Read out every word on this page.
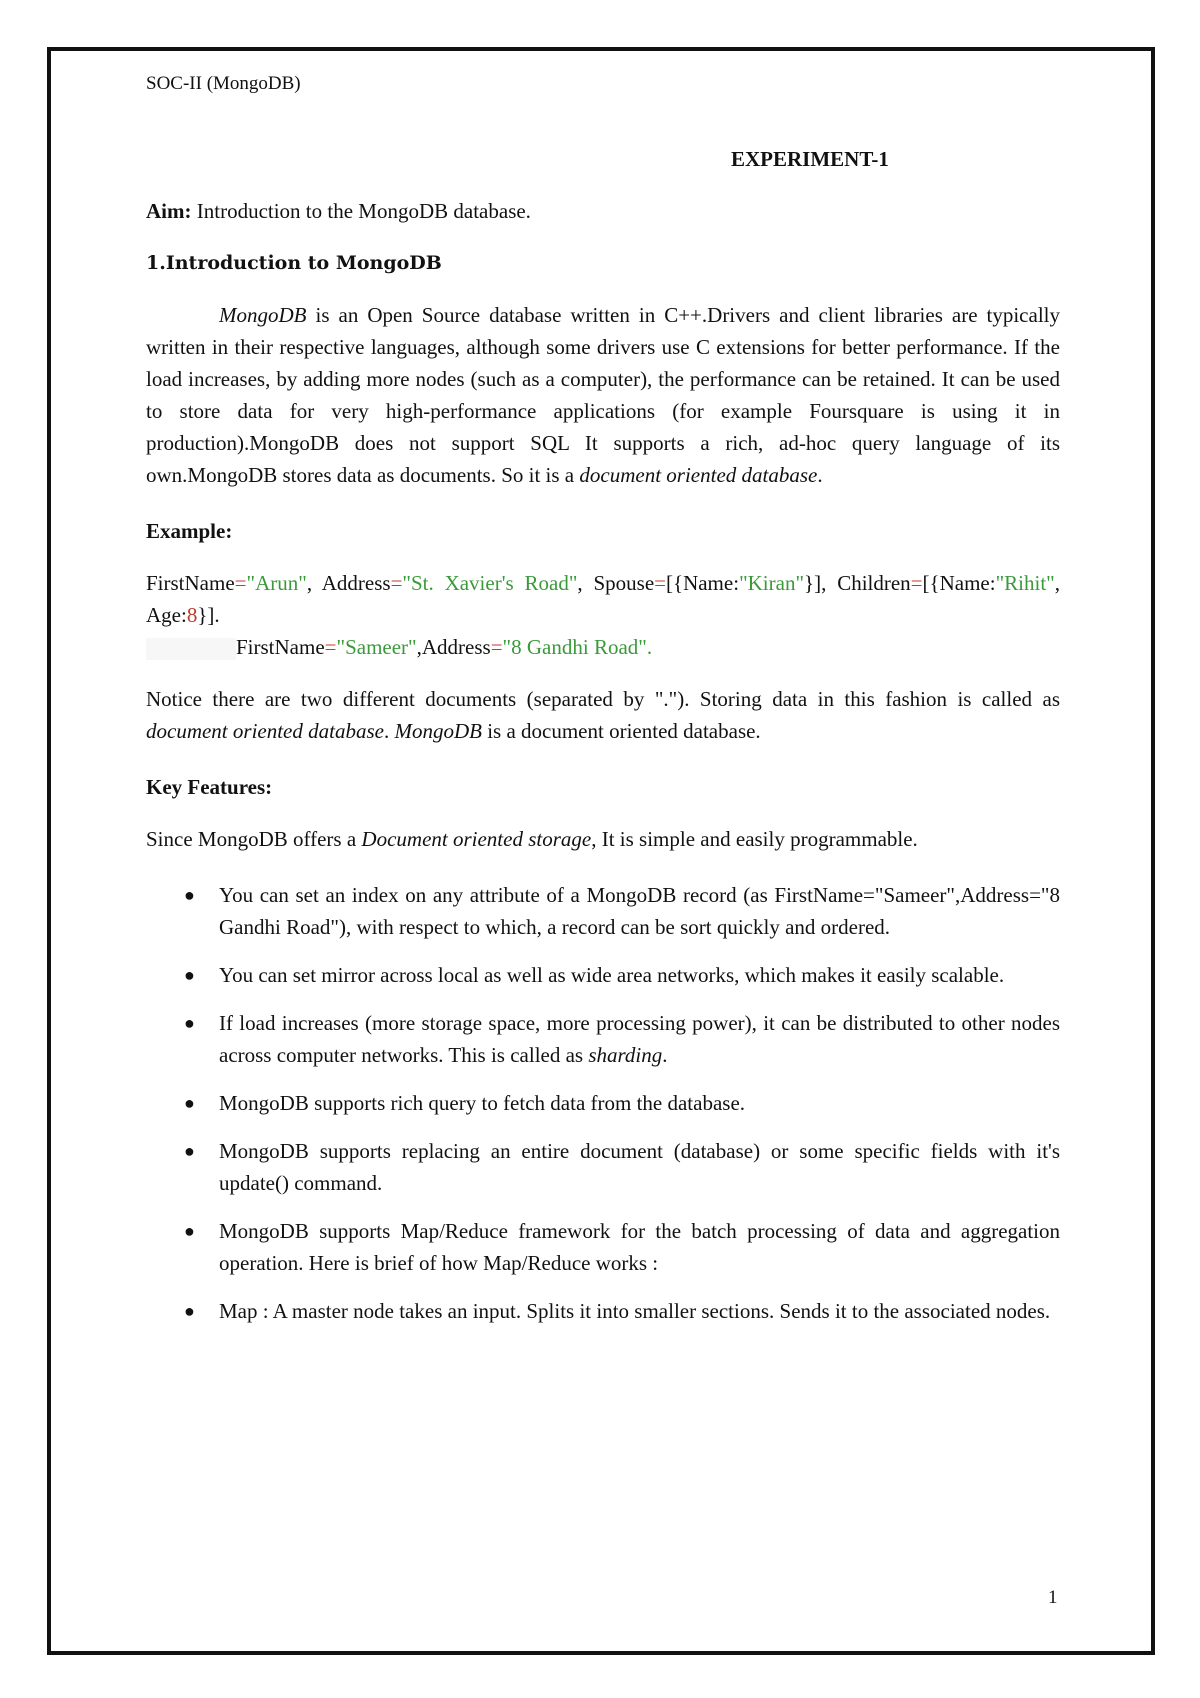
SOC-II (MongoDB)

EXPERIMENT-1

Aim: Introduction to the MongoDB database.

1.Introduction to MongoDB

MongoDB is an Open Source database written in C++.Drivers and client libraries are typically written in their respective languages, although some drivers use C extensions for better performance. If the load increases, by adding more nodes (such as a computer), the performance can be retained. It can be used to store data for very high-performance applications (for example Foursquare is using it in production).MongoDB does not support SQL It supports a rich, ad-hoc query language of its own.MongoDB stores data as documents. So it is a document oriented database.

Example:

FirstName="Arun", Address="St. Xavier's Road", Spouse=[{Name:"Kiran"}], Children=[{Name:"Rihit", Age:8}].

FirstName="Sameer",Address="8 Gandhi Road".

Notice there are two different documents (separated by "."). Storing data in this fashion is called as document oriented database. MongoDB is a document oriented database.

Key Features:

Since MongoDB offers a Document oriented storage, It is simple and easily programmable.

● You can set an index on any attribute of a MongoDB record (as FirstName="Sameer",Address="8 Gandhi Road"), with respect to which, a record can be sort quickly and ordered.
● You can set mirror across local as well as wide area networks, which makes it easily scalable.
● If load increases (more storage space, more processing power), it can be distributed to other nodes across computer networks. This is called as sharding.
● MongoDB supports rich query to fetch data from the database.
● MongoDB supports replacing an entire document (database) or some specific fields with it's update() command.
● MongoDB supports Map/Reduce framework for the batch processing of data and aggregation operation. Here is brief of how Map/Reduce works :
● Map : A master node takes an input. Splits it into smaller sections. Sends it to the associated nodes.
1
